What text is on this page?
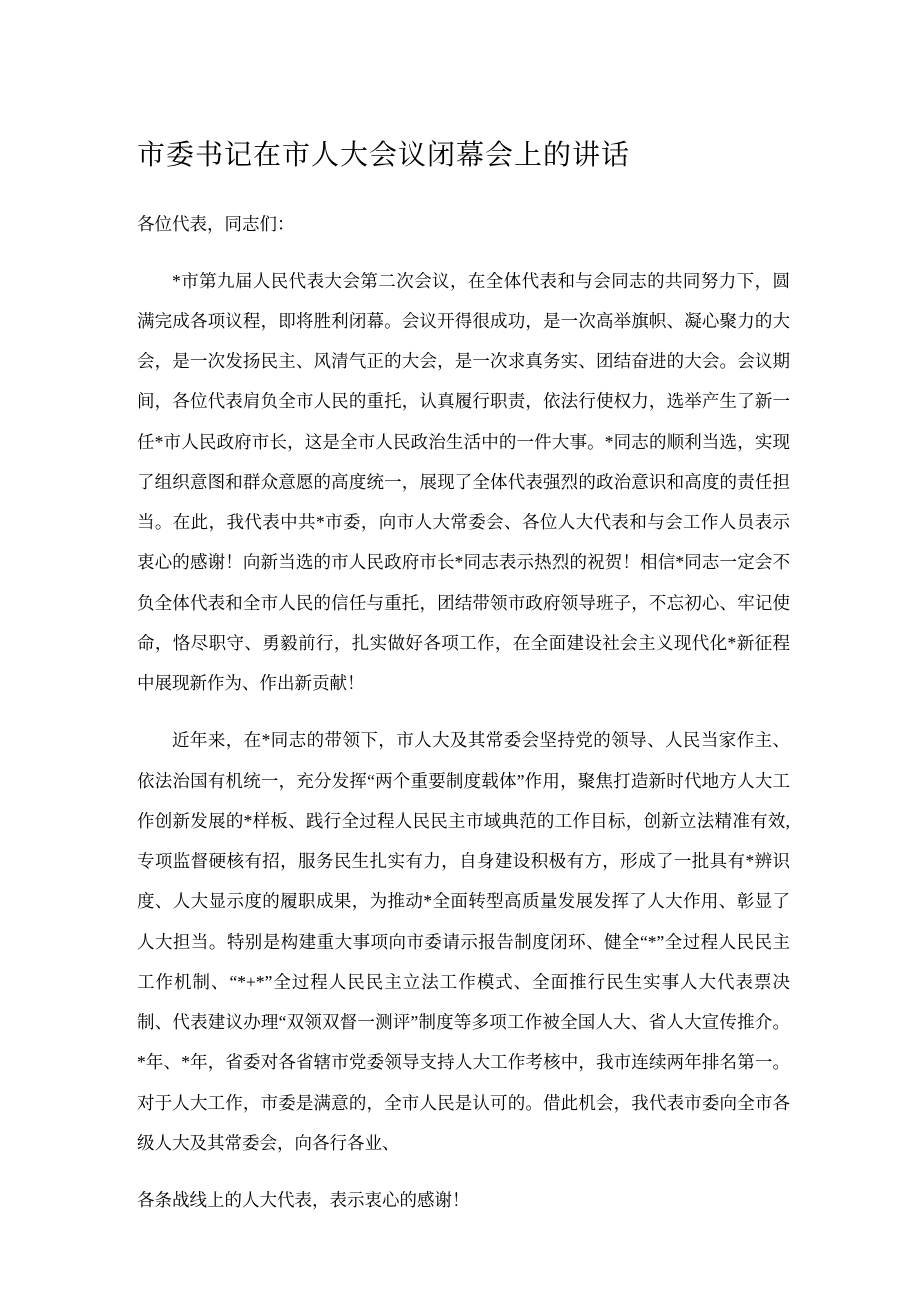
市委书记在市人大会议闭幕会上的讲话

各位代表，同志们：

*市第九届人民代表大会第二次会议，在全体代表和与会同志的共同努力下，圆满完成各项议程，即将胜利闭幕。会议开得很成功，是一次高举旗帜、凝心聚力的大会，是一次发扬民主、风清气正的大会，是一次求真务实、团结奋进的大会。会议期间，各位代表肩负全市人民的重托，认真履行职责，依法行使权力，选举产生了新一任*市人民政府市长，这是全市人民政治生活中的一件大事。*同志的顺利当选，实现了组织意图和群众意愿的高度统一，展现了全体代表强烈的政治意识和高度的责任担当。在此，我代表中共*市委，向市人大常委会、各位人大代表和与会工作人员表示衷心的感谢！向新当选的市人民政府市长*同志表示热烈的祝贺！相信*同志一定会不负全体代表和全市人民的信任与重托，团结带领市政府领导班子，不忘初心、牢记使命，恪尽职守、勇毅前行，扎实做好各项工作，在全面建设社会主义现代化*新征程中展现新作为、作出新贡献！

近年来，在*同志的带领下，市人大及其常委会坚持党的领导、人民当家作主、依法治国有机统一，充分发挥“两个重要制度载体”作用，聚焦打造新时代地方人大工作创新发展的*样板、践行全过程人民民主市域典范的工作目标，创新立法精准有效,专项监督硬核有招，服务民生扎实有力，自身建设积极有方，形成了一批具有*辨识度、人大显示度的履职成果，为推动*全面转型高质量发展发挥了人大作用、彰显了人大担当。特别是构建重大事项向市委请示报告制度闭环、健全“*”全过程人民民主工作机制、“*+*”全过程人民民主立法工作模式、全面推行民生实事人大代表票决制、代表建议办理“双领双督一测评”制度等多项工作被全国人大、省人大宣传推介。*年、*年，省委对各省辖市党委领导支持人大工作考核中，我市连续两年排名第一。对于人大工作，市委是满意的，全市人民是认可的。借此机会，我代表市委向全市各级人大及其常委会，向各行各业、

各条战线上的人大代表，表示衷心的感谢！
